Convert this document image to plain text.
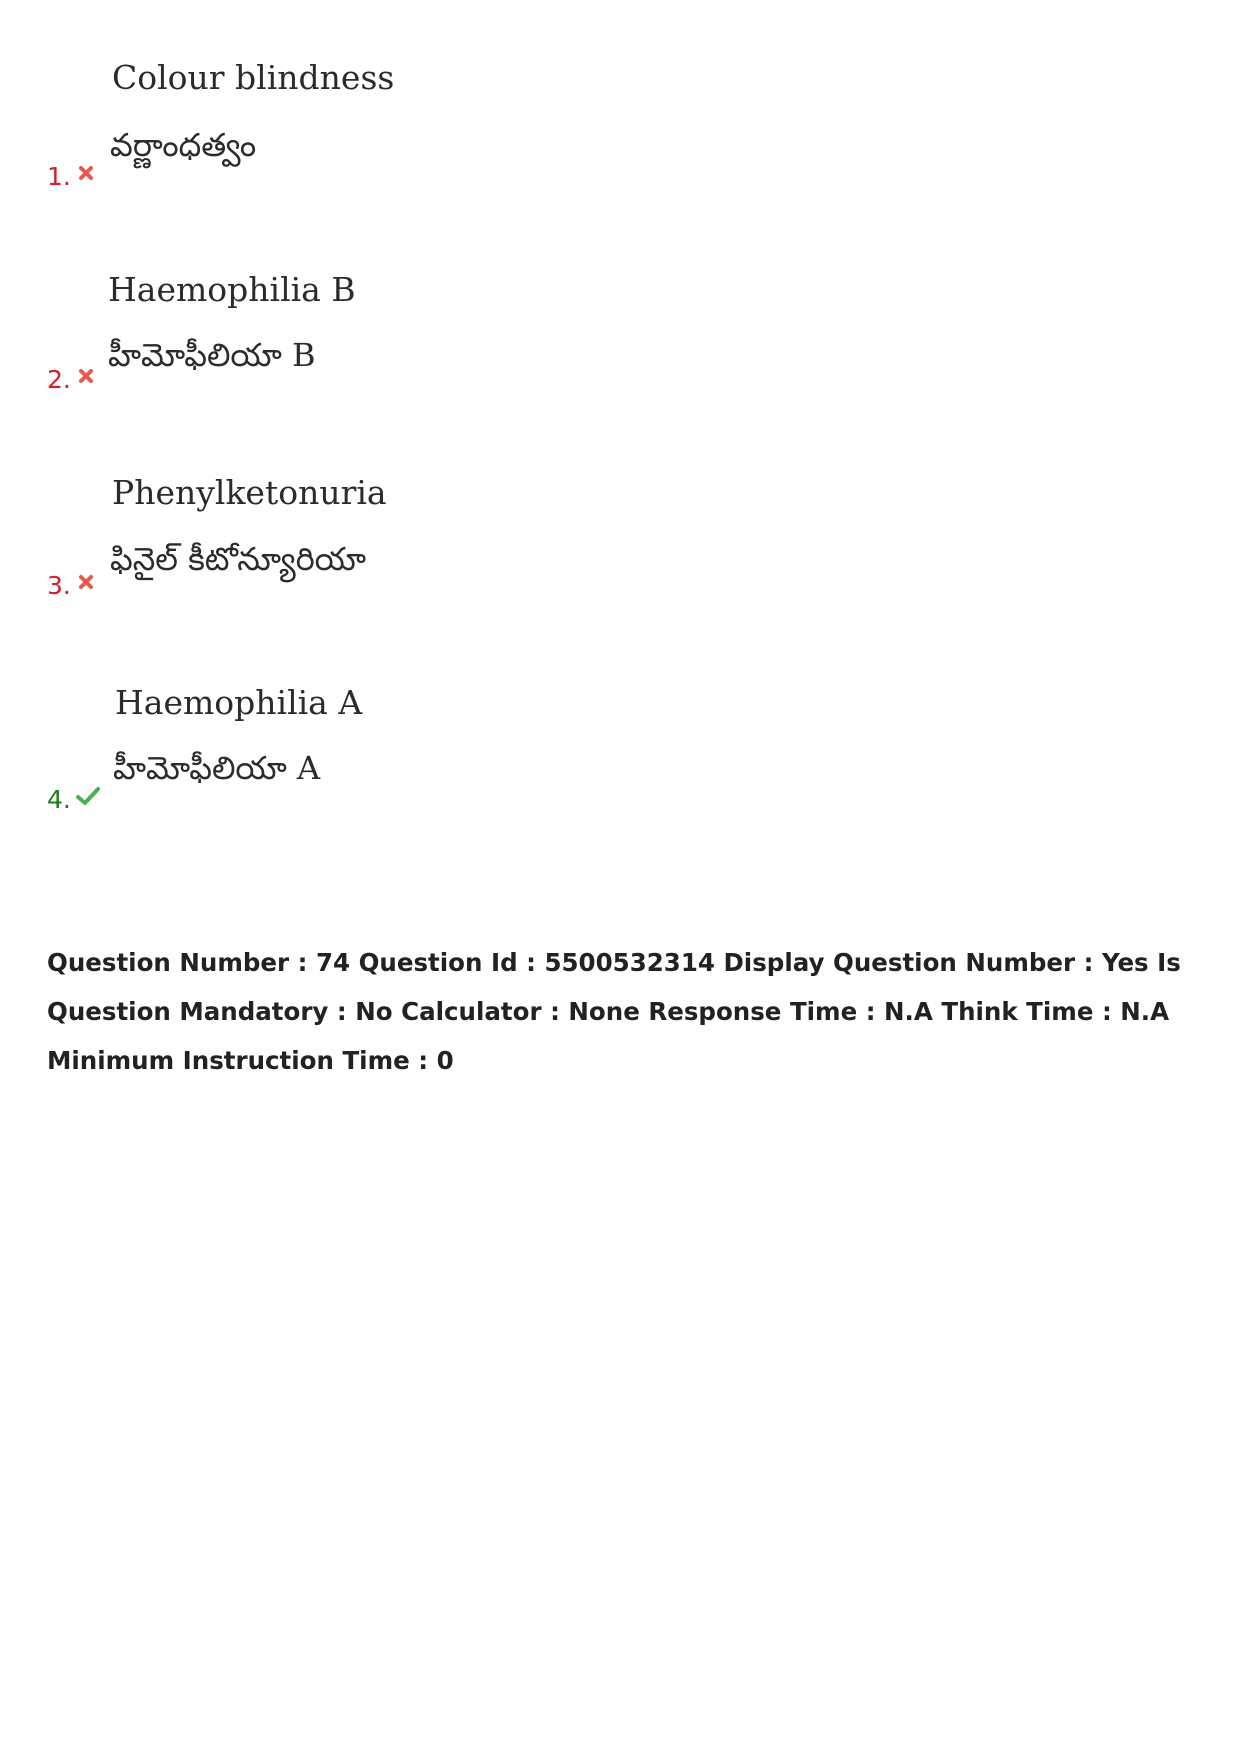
Colour blindness
వర్ణాంధత్వం
1.
Haemophilia B
హీమోఫీలియా B
2.
Phenylketonuria
ఫినైల్ కీటోన్యూరియా
3.
Haemophilia A
హీమోఫీలియా A
4.
Question Number : 74 Question Id : 5500532314 Display Question Number : Yes Is Question Mandatory : No Calculator : None Response Time : N.A Think Time : N.A Minimum Instruction Time : 0
